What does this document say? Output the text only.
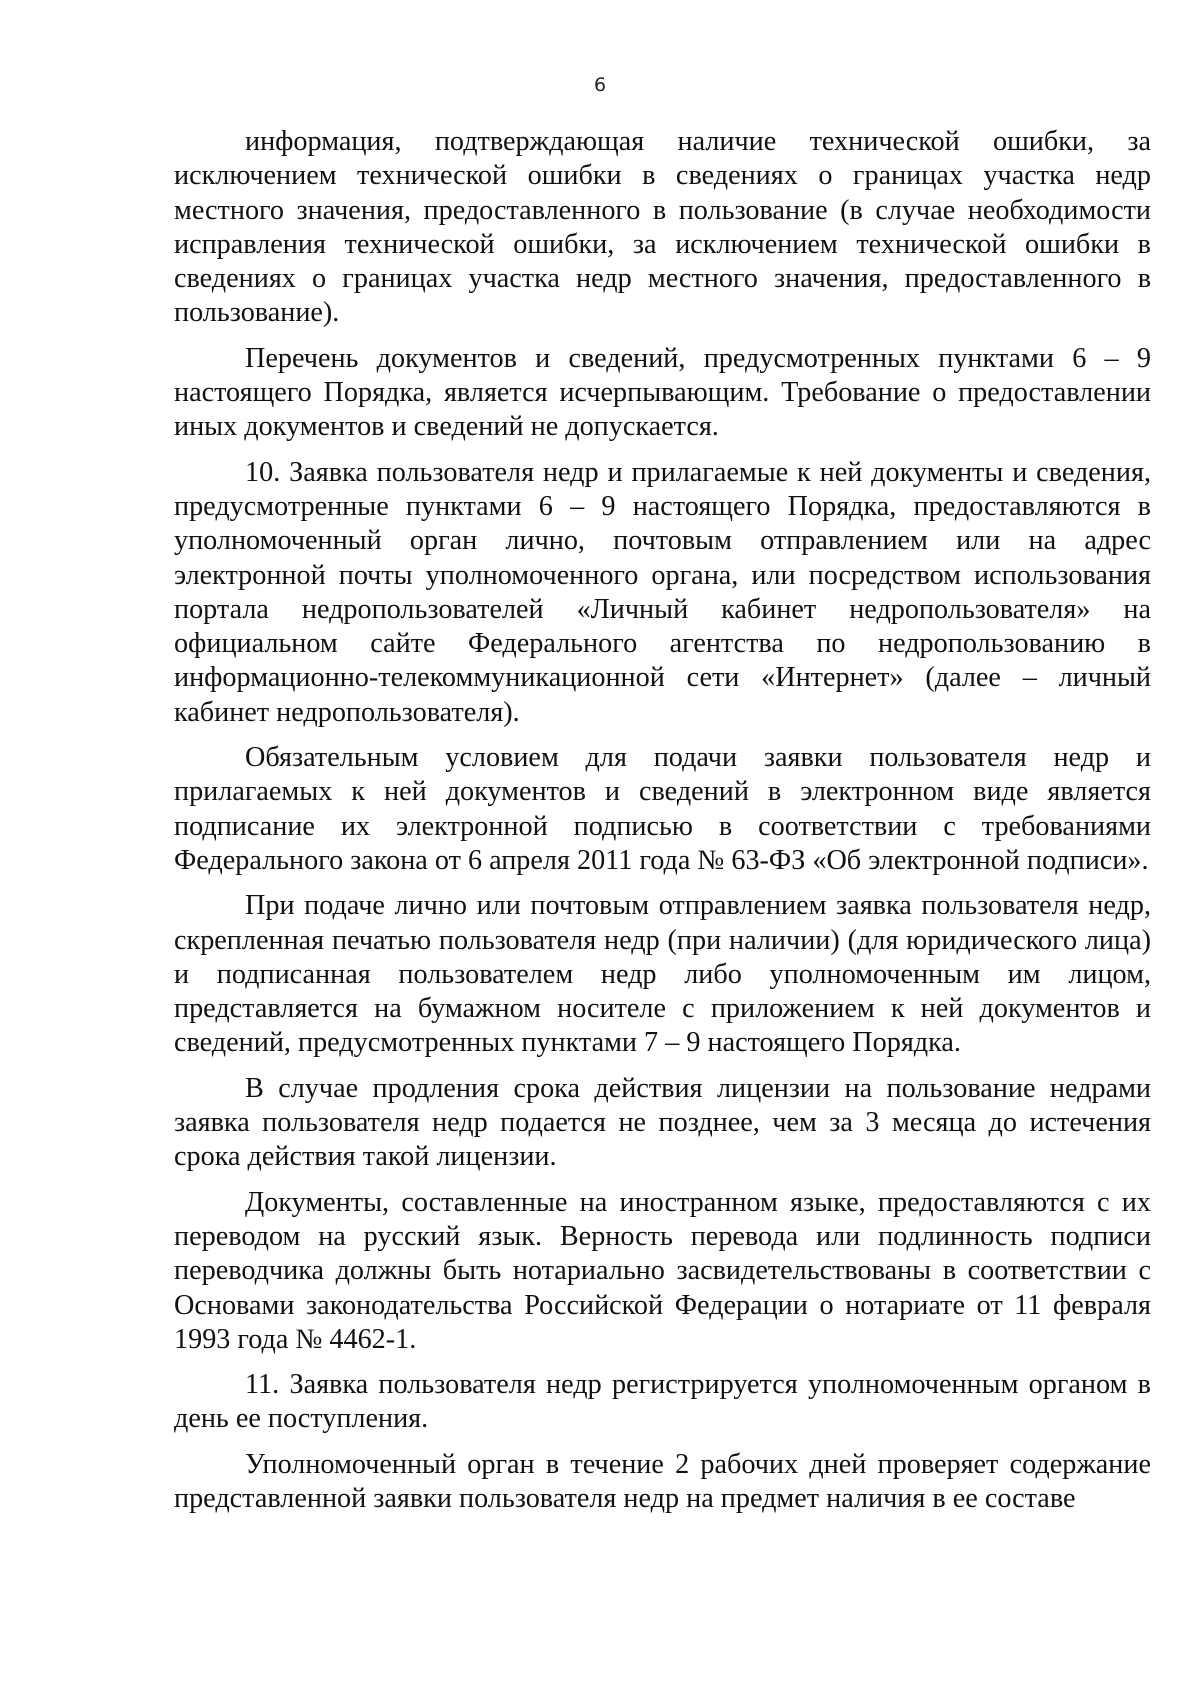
6

информация, подтверждающая наличие технической ошибки, за исключением технической ошибки в сведениях о границах участка недр местного значения, предоставленного в пользование (в случае необходимости исправления технической ошибки, за исключением технической ошибки в сведениях о границах участка недр местного значения, предоставленного в пользование).

Перечень документов и сведений, предусмотренных пунктами 6 – 9 настоящего Порядка, является исчерпывающим. Требование о предоставлении иных документов и сведений не допускается.

10. Заявка пользователя недр и прилагаемые к ней документы и сведения, предусмотренные пунктами 6 – 9 настоящего Порядка, предоставляются в уполномоченный орган лично, почтовым отправлением или на адрес электронной почты уполномоченного органа, или посредством использования портала недропользователей «Личный кабинет недропользователя» на официальном сайте Федерального агентства по недропользованию в информационно-телекоммуникационной сети «Интернет» (далее – личный кабинет недропользователя).

Обязательным условием для подачи заявки пользователя недр и прилагаемых к ней документов и сведений в электронном виде является подписание их электронной подписью в соответствии с требованиями Федерального закона от 6 апреля 2011 года № 63-ФЗ «Об электронной подписи».

При подаче лично или почтовым отправлением заявка пользователя недр, скрепленная печатью пользователя недр (при наличии) (для юридического лица) и подписанная пользователем недр либо уполномоченным им лицом, представляется на бумажном носителе с приложением к ней документов и сведений, предусмотренных пунктами 7 – 9 настоящего Порядка.

В случае продления срока действия лицензии на пользование недрами заявка пользователя недр подается не позднее, чем за 3 месяца до истечения срока действия такой лицензии.

Документы, составленные на иностранном языке, предоставляются с их переводом на русский язык. Верность перевода или подлинность подписи переводчика должны быть нотариально засвидетельствованы в соответствии с Основами законодательства Российской Федерации о нотариате от 11 февраля 1993 года № 4462-1.

11. Заявка пользователя недр регистрируется уполномоченным органом в день ее поступления.

Уполномоченный орган в течение 2 рабочих дней проверяет содержание представленной заявки пользователя недр на предмет наличия в ее составе
